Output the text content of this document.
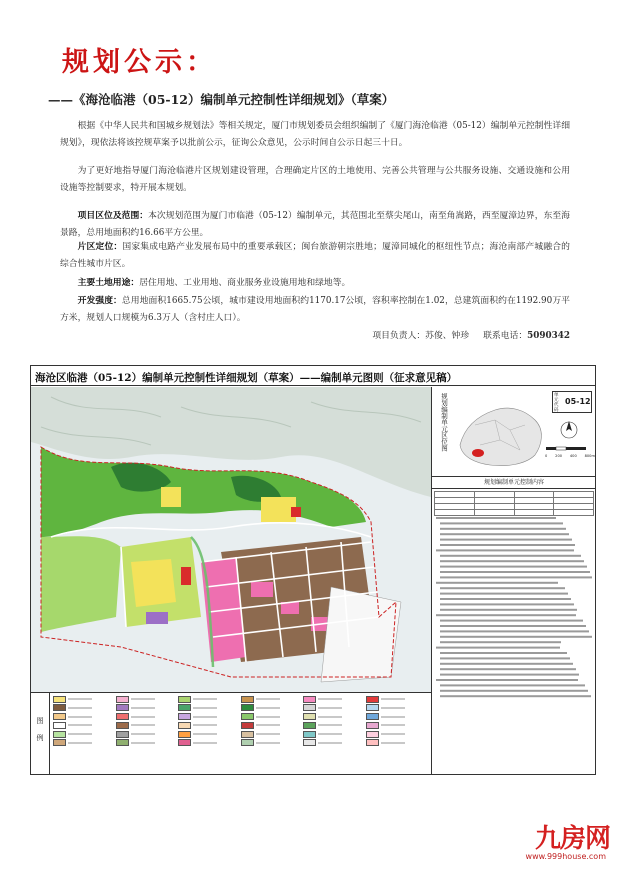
规划公示：
——《海沧临港（05-12）编制单元控制性详细规划》（草案）
根据《中华人民共和国城乡规划法》等相关规定，厦门市规划委员会组织编制了《厦门海沧临港（05-12）编制单元控制性详细规划》，现依法将该控规草案予以批前公示，征询公众意见，公示时间自公示日起三十日。
为了更好地指导厦门海沧临港片区规划建设管理，合理确定片区的土地使用、完善公共管理与公共服务设施、交通设施和公用设施等控制要求，特开展本规划。
项目区位及范围：本次规划范围为厦门市临港（05-12）编制单元，其范围北至蔡尖尾山，南至角嵩路，西至厦漳边界，东至海景路，总用地面积约16.66平方公里。
片区定位：国家集成电路产业发展布局中的重要承载区；闽台旅游朝宗胜地；厦漳同城化的枢纽性节点；海沧南部产城融合的综合性城市片区。
主要土地用途：居住用地、工业用地、商业服务业设施用地和绿地等。
开发强度：总用地面积1665.75公顷，城市建设用地面积约1170.17公顷，容积率控制在1.02，总建筑面积约在1192.90万平方米，规划人口规模为6.3万人（含村庄人口）。
项目负责人：苏俊、钟珍 联系电话：5090342
海沧区临港（05-12）编制单元控制性详细规划（草案）——编制单元图则（征求意见稿）
规划编制单元区位图	单元代码
05-12
0 200 400 800m
规划编制单元控制内容

图例
九房网
www.999house.com
